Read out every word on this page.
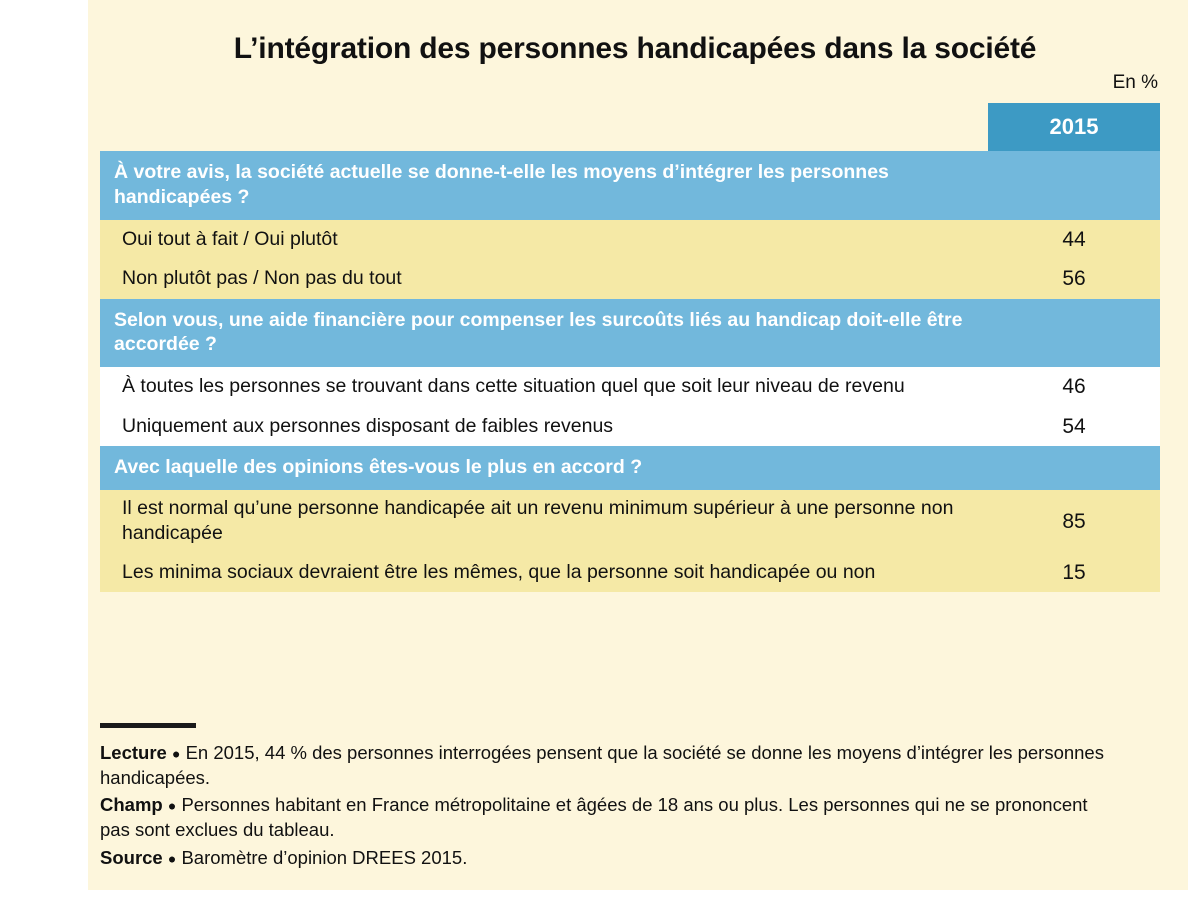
L’intégration des personnes handicapées dans la société
En %
	2015
À votre avis, la société actuelle se donne-t-elle les moyens d’intégrer les personnes handicapées ?	
Oui tout à fait / Oui plutôt	44
Non plutôt pas / Non pas du tout	56
Selon vous, une aide financière pour compenser les surcoûts liés au handicap doit-elle être accordée ?	
À toutes les personnes se trouvant dans cette situation quel que soit leur niveau de revenu	46
Uniquement aux personnes disposant de faibles revenus	54
Avec laquelle des opinions êtes-vous le plus en accord ?	
Il est normal qu’une personne handicapée ait un revenu minimum supérieur à une personne non handicapée	85
Les minima sociaux devraient être les mêmes, que la personne soit handicapée ou non	15

Lecture ● En 2015, 44 % des personnes interrogées pensent que la société se donne les moyens d’intégrer les personnes handicapées.

Champ ● Personnes habitant en France métropolitaine et âgées de 18 ans ou plus. Les personnes qui ne se prononcent pas sont exclues du tableau.

Source ● Baromètre d’opinion DREES 2015.
